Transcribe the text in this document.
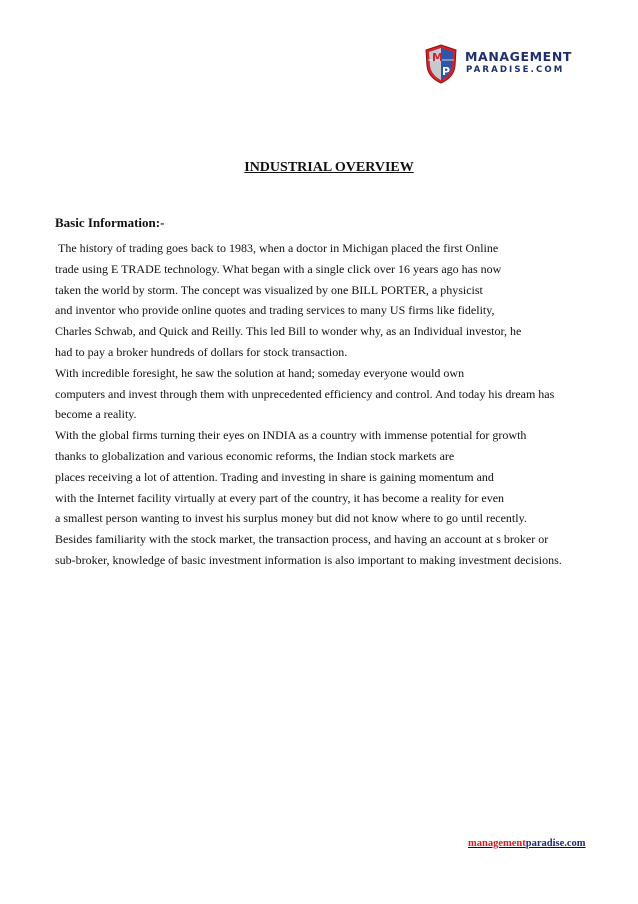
M
P
MANAGEMENT
PARADISE.COM
INDUSTRIAL OVERVIEW
Basic Information:-
The history of trading goes back to 1983, when a doctor in Michigan placed the first Online
trade using E TRADE technology. What began with a single click over 16 years ago has now
taken the world by storm. The concept was visualized by one BILL PORTER, a physicist
and inventor who provide online quotes and trading services to many US firms like fidelity,
Charles Schwab, and Quick and Reilly. This led Bill to wonder why, as an Individual investor, he
had to pay a broker hundreds of dollars for stock transaction.
With incredible foresight, he saw the solution at hand; someday everyone would own
computers and invest through them with unprecedented efficiency and control. And today his dream has
become a reality.
With the global firms turning their eyes on INDIA as a country with immense potential for growth
thanks to globalization and various economic reforms, the Indian stock markets are
places receiving a lot of attention. Trading and investing in share is gaining momentum and
with the Internet facility virtually at every part of the country, it has become a reality for even
a smallest person wanting to invest his surplus money but did not know where to go until recently.
Besides familiarity with the stock market, the transaction process, and having an account at s broker or
sub-broker, knowledge of basic investment information is also important to making investment decisions.
managementparadise.com
